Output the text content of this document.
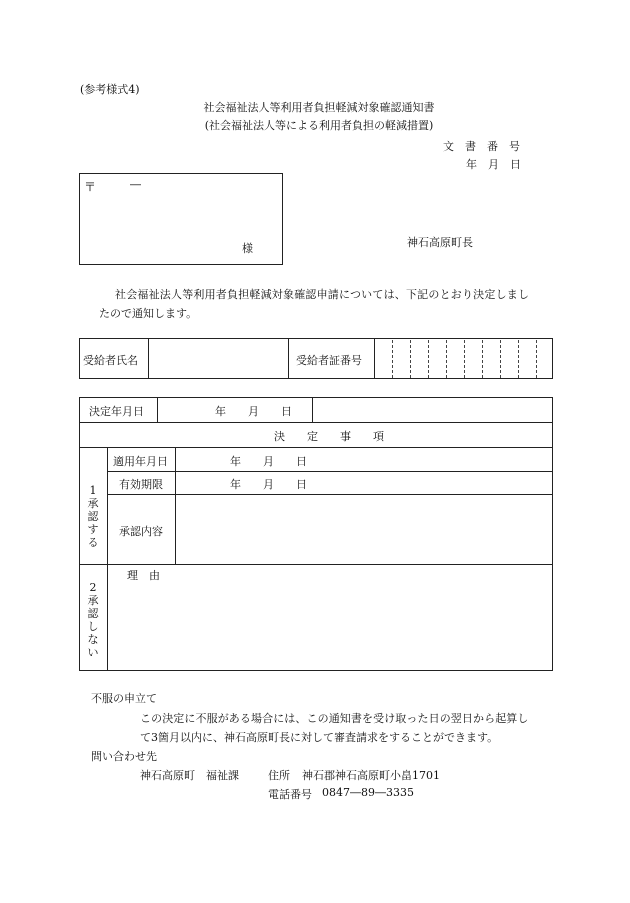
(参考様式4)
社会福祉法人等利用者負担軽減対象確認通知書
(社会福祉法人等による利用者負担の軽減措置)
文　書　番　号
年　月　日
〒	―
様	神石高原町長
社会福祉法人等利用者負担軽減対象確認申請については、下記のとおり決定しまし
たので通知します。
受給者氏名	受給者証番号
決定年月日	年　　月　　日
決　　定　　事　　項
1
承
認
す
る
適用年月日	年　　月　　日
有効期限	年　　月　　日
承認内容
2
承
認
し
な
い
理　由
不服の申立て
この決定に不服がある場合には、この通知書を受け取った日の翌日から起算し
て3箇月以内に、神石高原町長に対して審査請求をすることができます。
問い合わせ先
神石高原町　福祉課	住所 神石郡神石高原町小畠1701
電話番号 0847―89―3335
